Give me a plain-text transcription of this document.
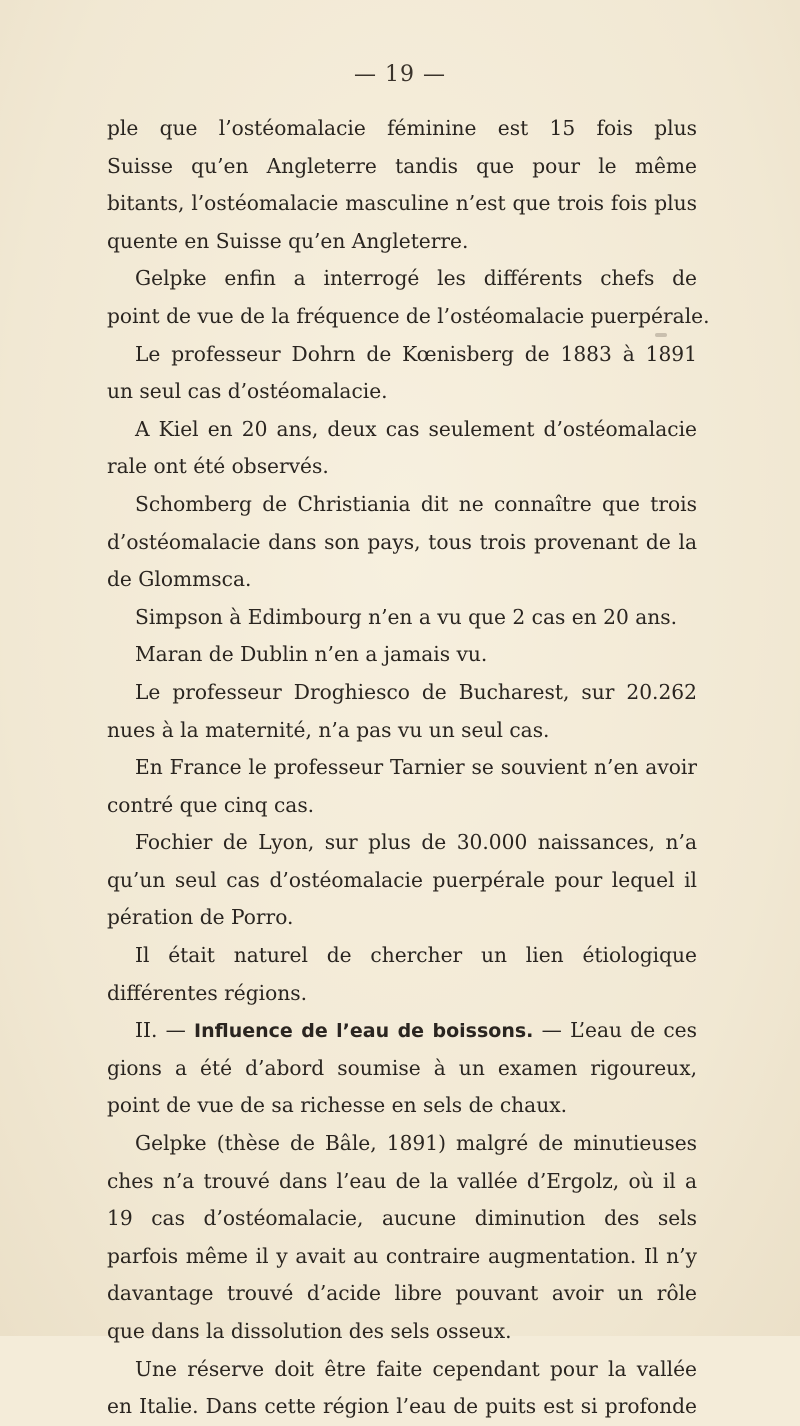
— 19 —
ple que l’ostéomalacie féminine est 15 fois plus
Suisse qu’en Angleterre tandis que pour le même
bitants, l’ostéomalacie masculine n’est que trois fois plus
quente en Suisse qu’en Angleterre.
Gelpke enfin a interrogé les différents chefs de
point de vue de la fréquence de l’ostéomalacie puerpérale.
Le professeur Dohrn de Kœnisberg de 1883 à 1891
un seul cas d’ostéomalacie.
A Kiel en 20 ans, deux cas seulement d’ostéomalacie
rale ont été observés.
Schomberg de Christiania dit ne connaître que trois
d’ostéomalacie dans son pays, tous trois provenant de la
de Glommsca.
Simpson à Edimbourg n’en a vu que 2 cas en 20 ans.
Maran de Dublin n’en a jamais vu.
Le professeur Droghiesco de Bucharest, sur 20.262
nues à la maternité, n’a pas vu un seul cas.
En France le professeur Tarnier se souvient n’en avoir
contré que cinq cas.
Fochier de Lyon, sur plus de 30.000 naissances, n’a
qu’un seul cas d’ostéomalacie puerpérale pour lequel il
pération de Porro.
Il était naturel de chercher un lien étiologique
différentes régions.
II. — Influence de l’eau de boissons. — L’eau de ces
gions a été d’abord soumise à un examen rigoureux,
point de vue de sa richesse en sels de chaux.
Gelpke (thèse de Bâle, 1891) malgré de minutieuses
ches n’a trouvé dans l’eau de la vallée d’Ergolz, où il a
19 cas d’ostéomalacie, aucune diminution des sels
parfois même il y avait au contraire augmentation. Il n’y
davantage trouvé d’acide libre pouvant avoir un rôle
que dans la dissolution des sels osseux.
Une réserve doit être faite cependant pour la vallée
en Italie. Dans cette région l’eau de puits est si profonde
